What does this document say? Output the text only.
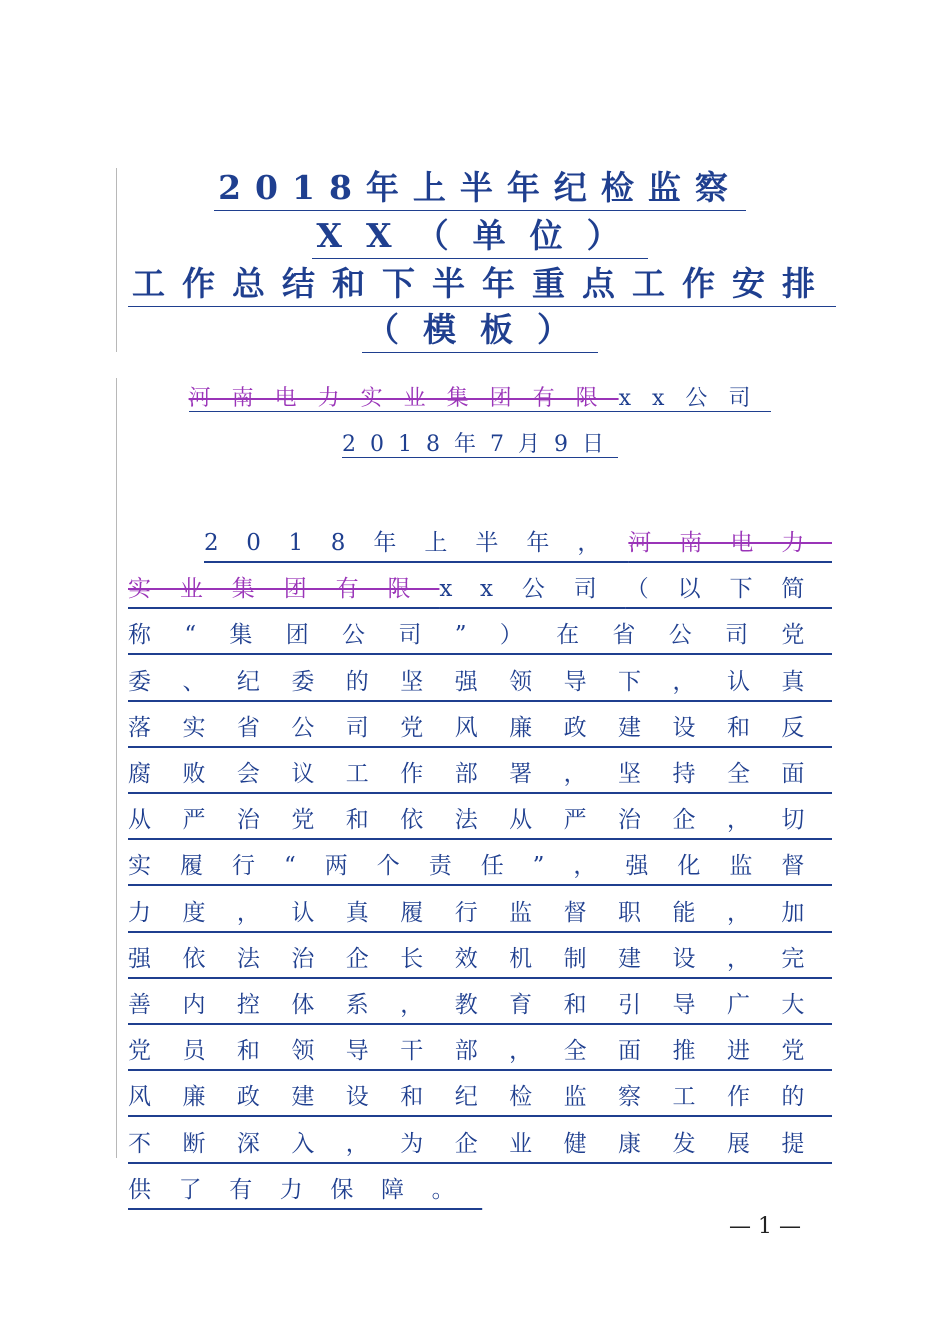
2018年上半年纪检监察
XX（单位）
工作总结和下半年重点工作安排
（模板）
河南电力实业集团有限xx公司
2018年7月9日
2018年上半年，河南电力实业集团有限xx公司（以下简称“集团公司”）在省公司党委、纪委的坚强领导下，认真落实省公司党风廉政建设和反腐败会议工作部署，坚持全面从严治党和依法从严治企，切实履行“两个责任”，强化监督力度，认真履行监督职能，加强依法治企长效机制建设，完善内控体系，教育和引导广大党员和领导干部，全面推进党风廉政建设和纪检监察工作的不断深入，为企业健康发展提供了有力保障。
— 1 —
